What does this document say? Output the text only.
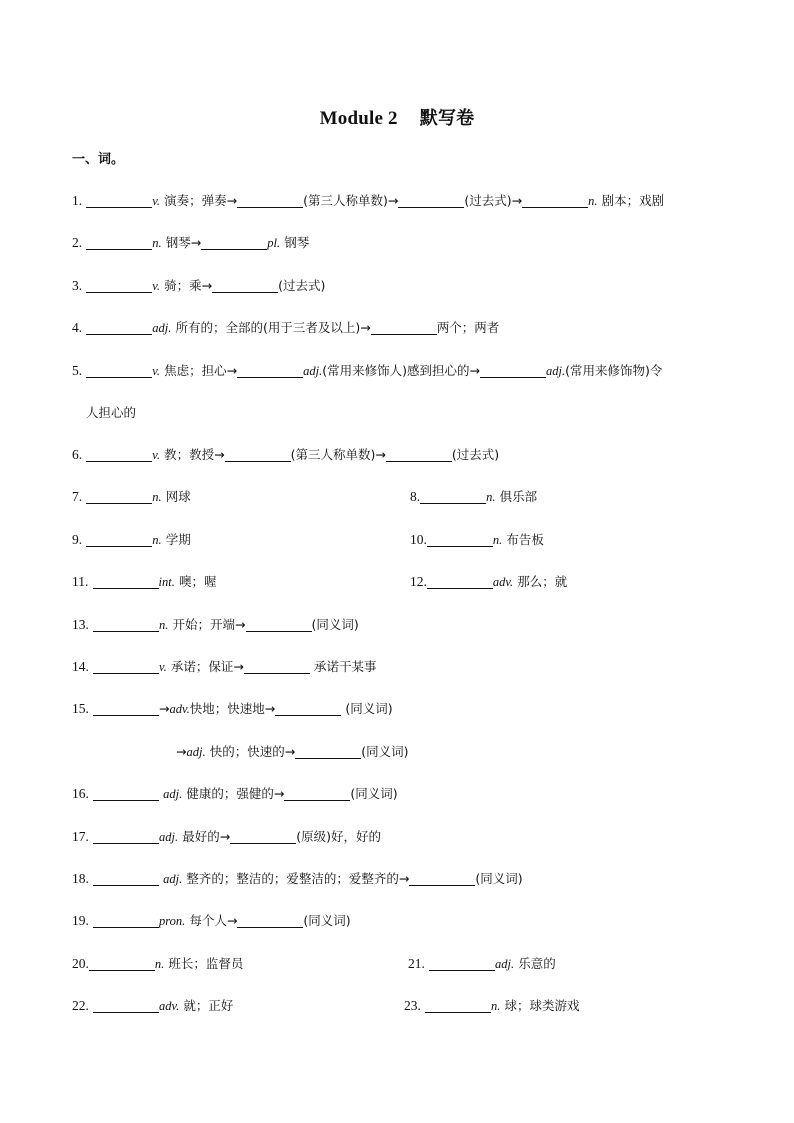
Module 2 默写卷
一、词。
1.	v. 演奏；弹奏→	(第三人称单数)→	(过去式)→	n. 剧本；戏剧
2.	n. 钢琴→	pl. 钢琴
3.	v. 骑；乘→	(过去式)
4.	adj. 所有的；全部的(用于三者及以上)→	两个；两者
5.	v. 焦虑；担心→	adj.(常用来修饰人)感到担心的→	adj.(常用来修饰物)令
人担心的
6.	v. 教；教授→	(第三人称单数)→	(过去式)
7.	n. 网球	8.	n. 俱乐部
9.	n. 学期	10.	n. 布告板
11.	int. 噢；喔	12.	adv. 那么；就
13.	n. 开始；开端→	(同义词)
14.	v. 承诺；保证→	承诺干某事
15.	→adv.快地；快速地→	(同义词)
→adj. 快的；快速的→	(同义词)
16.	adj. 健康的；强健的→	(同义词)
17.	adj. 最好的→	(原级)好，好的
18.	adj. 整齐的；整洁的；爱整洁的；爱整齐的→	(同义词)
19.	pron. 每个人→	(同义词)
20.	n. 班长；监督员	21.	adj. 乐意的
22.	adv. 就；正好	23.	n. 球；球类游戏
